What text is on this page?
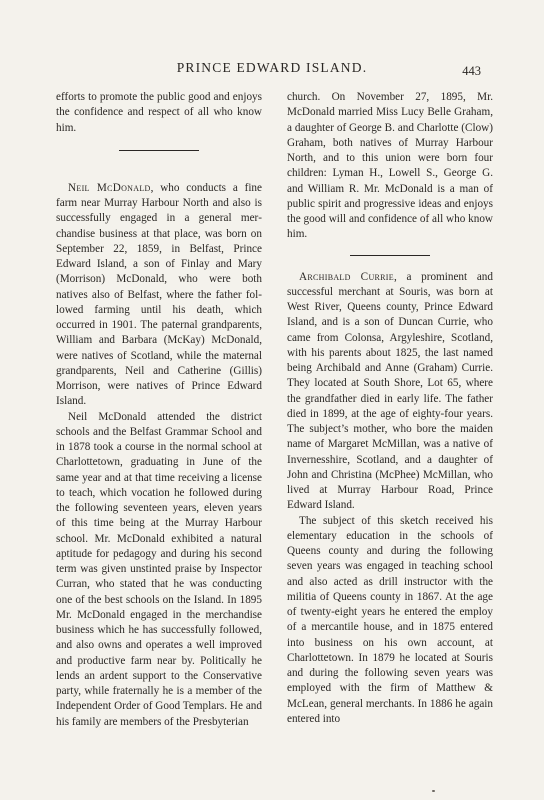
PRINCE EDWARD ISLAND.	443

efforts to promote the public good and enjoys the confidence and respect of all who know him.

Neil McDonald, who conducts a fine farm near Murray Harbour North and also is successfully engaged in a general merchandise business at that place, was born on September 22, 1859, in Belfast, Prince Edward Island, a son of Finlay and Mary (Morrison) McDonald, who were both natives also of Belfast, where the father followed farming until his death, which occurred in 1901. The paternal grandparents, William and Barbara (McKay) McDonald, were natives of Scotland, while the maternal grandparents, Neil and Catherine (Gillis) Morrison, were natives of Prince Edward Island.

Neil McDonald attended the district schools and the Belfast Grammar School and in 1878 took a course in the normal school at Charlottetown, graduating in June of the same year and at that time receiving a license to teach, which vocation he followed during the following seventeen years, eleven years of this time being at the Murray Harbour school. Mr. McDonald exhibited a natural aptitude for pedagogy and during his second term was given unstinted praise by Inspector Curran, who stated that he was conducting one of the best schools on the Island. In 1895 Mr. McDonald engaged in the merchandise business which he has successfully followed, and also owns and operates a well improved and productive farm near by. Politically he lends an ardent support to the Conservative party, while fraternally he is a member of the Independent Order of Good Templars. He and his family are members of the Presbyterian

church. On November 27, 1895, Mr. McDonald married Miss Lucy Belle Graham, a daughter of George B. and Charlotte (Clow) Graham, both natives of Murray Harbour North, and to this union were born four children: Lyman H., Lowell S., George G. and William R. Mr. McDonald is a man of public spirit and progressive ideas and enjoys the good will and confidence of all who know him.

Archibald Currie, a prominent and successful merchant at Souris, was born at West River, Queens county, Prince Edward Island, and is a son of Duncan Currie, who came from Colonsa, Argyleshire, Scotland, with his parents about 1825, the last named being Archibald and Anne (Graham) Currie. They located at South Shore, Lot 65, where the grandfather died in early life. The father died in 1899, at the age of eighty-four years. The subject’s mother, who bore the maiden name of Margaret McMillan, was a native of Invernesshire, Scotland, and a daughter of John and Christina (McPhee) McMillan, who lived at Murray Harbour Road, Prince Edward Island.

The subject of this sketch received his elementary education in the schools of Queens county and during the following seven years was engaged in teaching school and also acted as drill instructor with the militia of Queens county in 1867. At the age of twenty-eight years he entered the employ of a mercantile house, and in 1875 entered into business on his own account, at Charlottetown. In 1879 he located at Souris and during the following seven years was employed with the firm of Matthew & McLean, general merchants. In 1886 he again entered into
